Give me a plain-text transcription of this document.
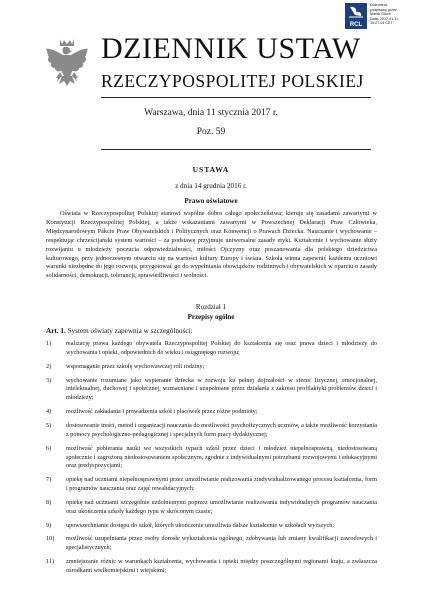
DZIENNIK USTAW
RZECZYPOSPOLITEJ POLSKIEJ
RCL
Dokument
podpisany przez
Marek Głuch
Data: 2017.01.11
15:27:04 CET
Warszawa, dnia 11 stycznia 2017 r.
Poz. 59
USTAWA
z dnia 14 grudnia 2016 r.
Prawo oświatowe

Oświata w Rzeczypospolitej Polskiej stanowi wspólne dobro całego społeczeństwa; kieruje się zasadami zawartymi w Konstytucji Rzeczypospolitej Polskiej, a także wskazaniami zawartymi w Powszechnej Deklaracji Praw Człowieka, Międzynarodowym Pakcie Praw Obywatelskich i Politycznych oraz Konwencji o Prawach Dziecka. Nauczanie i wychowanie – respektując chrześcijański system wartości – za podstawę przyjmuje uniwersalne zasady etyki. Kształcenie i wychowanie służy rozwijaniu u młodzieży poczucia odpowiedzialności, miłości Ojczyzny oraz poszanowania dla polskiego dziedzictwa kulturowego, przy jednoczesnym otwarciu się na wartości kultury Europy i świata. Szkoła winna zapewnić każdemu uczniowi warunki niezbędne do jego rozwoju, przygotować go do wypełniania obowiązków rodzinnych i obywatelskich w oparciu o zasady solidarności, demokracji, tolerancji, sprawiedliwości i wolności.

Rozdział 1
Przepisy ogólne
Art. 1. System oświaty zapewnia w szczególności:
1)	realizację prawa każdego obywatela Rzeczypospolitej Polskiej do kształcenia się oraz prawa dzieci i młodzieży do wychowania i opieki, odpowiednich do wieku i osiągniętego rozwoju;
2)	wspomaganie przez szkołę wychowawczej roli rodziny;
3)	wychowanie rozumiane jako wspieranie dziecka w rozwoju ku pełnej dojrzałości w sferze fizycznej, emocjonalnej, intelektualnej, duchowej i społecznej, wzmacniane i uzupełniane przez działania z zakresu profilaktyki problemów dzieci i młodzieży;
4)	możliwość zakładania i prowadzenia szkół i placówek przez różne podmioty;
5)	dostosowanie treści, metod i organizacji nauczania do możliwości psychofizycznych uczniów, a także możliwość korzystania z pomocy psychologiczno-pedagogicznej i specjalnych form pracy dydaktycznej;
6)	możliwość pobierania nauki we wszystkich typach szkół przez dzieci i młodzież niepełnosprawną, niedostosowaną społecznie i zagrożoną niedostosowaniem społecznym, zgodnie z indywidualnymi potrzebami rozwojowymi i edukacyjnymi oraz predyspozycjami;
7)	opiekę nad uczniami niepełnosprawnymi przez umożliwianie realizowania zindywidualizowanego procesu kształcenia, form i programów nauczania oraz zajęć rewalidacyjnych;
8)	opiekę nad uczniami szczególnie uzdolnionymi poprzez umożliwianie realizowania indywidualnych programów nauczania oraz ukończenia szkoły każdego typu w skróconym czasie;
9)	upowszechnianie dostępu do szkół, których ukończenie umożliwia dalsze kształcenie w szkołach wyższych;
10)	możliwość uzupełniania przez osoby dorosłe wykształcenia ogólnego, zdobywania lub zmiany kwalifikacji zawodowych i specjalistycznych;
11)	zmniejszanie różnic w warunkach kształcenia, wychowania i opieki między poszczególnymi regionami kraju, a zwłaszcza ośrodkami wielkomiejskimi i wiejskimi;
